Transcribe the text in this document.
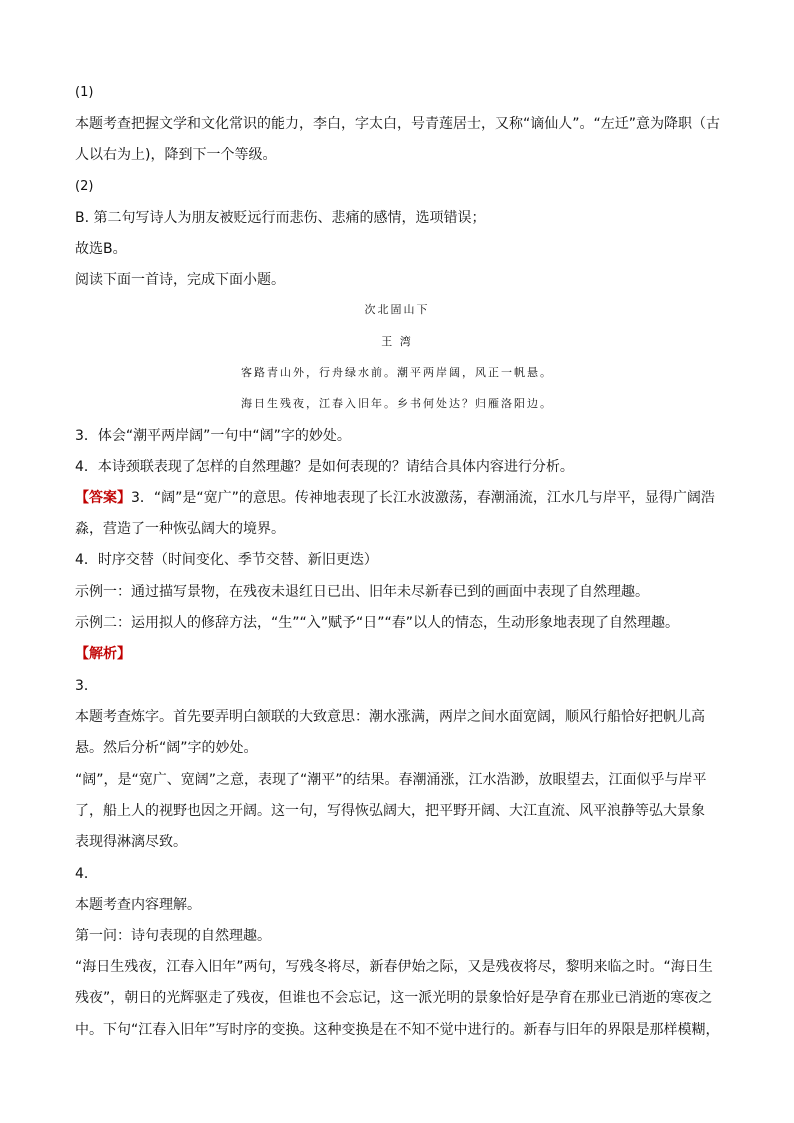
(1)
本题考查把握文学和文化常识的能力，李白，字太白，号青莲居士，又称“谪仙人”。“左迁”意为降职（古
人以右为上)，降到下一个等级。
(2)
B. 第二句写诗人为朋友被贬远行而悲伤、悲痛的感情，选项错误；
故选B。
阅读下面一首诗，完成下面小题。
次北固山下
王 湾
客路青山外，行舟绿水前。潮平两岸阔，风正一帆悬。
海日生残夜，江春入旧年。乡书何处达？归雁洛阳边。
3．体会“潮平两岸阔”一句中“阔”字的妙处。
4．本诗颈联表现了怎样的自然理趣？是如何表现的？请结合具体内容进行分析。
【答案】3．“阔”是“宽广”的意思。传神地表现了长江水波激荡，春潮涌流，江水几与岸平，显得广阔浩
淼，营造了一种恢弘阔大的境界。
4．时序交替（时间变化、季节交替、新旧更迭）
示例一：通过描写景物，在残夜未退红日已出、旧年未尽新春已到的画面中表现了自然理趣。
示例二：运用拟人的修辞方法，“生”“入”赋予“日”“春”以人的情态，生动形象地表现了自然理趣。
【解析】
3．
本题考查炼字。首先要弄明白颔联的大致意思：潮水涨满，两岸之间水面宽阔，顺风行船恰好把帆儿高
悬。然后分析“阔”字的妙处。
“阔”，是“宽广、宽阔”之意，表现了“潮平”的结果。春潮涌涨，江水浩渺，放眼望去，江面似乎与岸平
了，船上人的视野也因之开阔。这一句，写得恢弘阔大，把平野开阔、大江直流、风平浪静等弘大景象
表现得淋漓尽致。
4．
本题考查内容理解。
第一问：诗句表现的自然理趣。
“海日生残夜，江春入旧年”两句，写残冬将尽，新春伊始之际，又是残夜将尽，黎明来临之时。“海日生
残夜”，朝日的光辉驱走了残夜，但谁也不会忘记，这一派光明的景象恰好是孕育在那业已消逝的寒夜之
中。下句“江春入旧年”写时序的变换。这种变换是在不知不觉中进行的。新春与旧年的界限是那样模糊，
